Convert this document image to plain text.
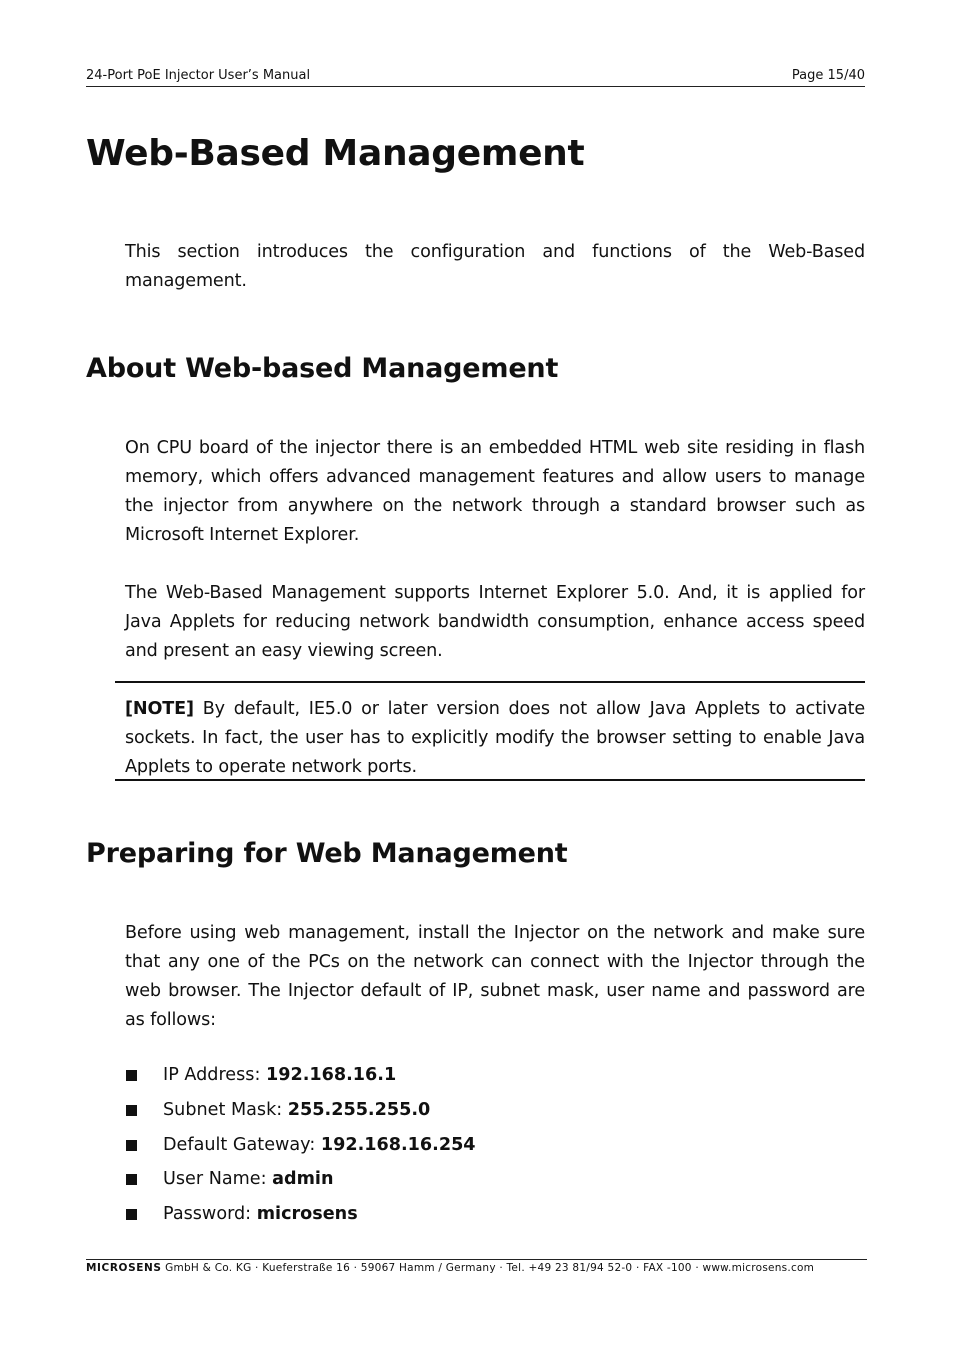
24-Port PoE Injector User’s Manual	Page 15/40
Web-Based Management

This section introduces the configuration and functions of the Web-Based management.

About Web-based Management

On CPU board of the injector there is an embedded HTML web site residing in flash memory, which offers advanced management features and allow users to manage the injector from anywhere on the network through a standard browser such as Microsoft Internet Explorer.

The Web-Based Management supports Internet Explorer 5.0. And, it is applied for Java Applets for reducing network bandwidth consumption, enhance access speed and present an easy viewing screen.

[NOTE] By default, IE5.0 or later version does not allow Java Applets to activate sockets. In fact, the user has to explicitly modify the browser setting to enable Java Applets to operate network ports.

Preparing for Web Management

Before using web management, install the Injector on the network and make sure that any one of the PCs on the network can connect with the Injector through the web browser. The Injector default of IP, subnet mask, user name and password are as follows:

IP Address: 192.168.16.1
Subnet Mask: 255.255.255.0
Default Gateway: 192.168.16.254
User Name: admin
Password: microsens
MICROSENS GmbH & Co. KG · Kueferstraße 16 · 59067 Hamm / Germany · Tel. +49 23 81/94 52-0 · FAX -100 · www.microsens.com
